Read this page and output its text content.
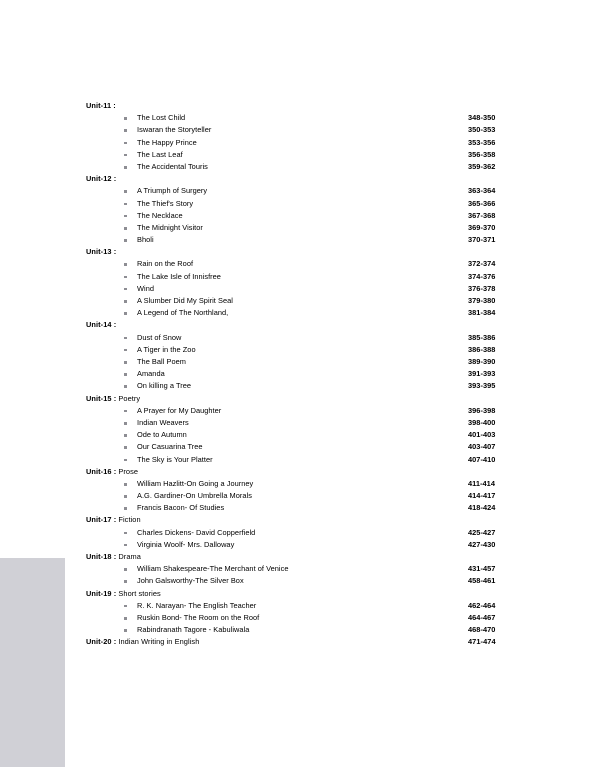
Unit-11 :
The Lost Child	348-350
Iswaran the Storyteller	350-353
The Happy Prince	353-356
The Last Leaf	356-358
The Accidental Touris	359-362
Unit-12 :
A Triumph of Surgery	363-364
The Thief's Story	365-366
The Necklace	367-368
The Midnight Visitor	369-370
Bholi	370-371
Unit-13 :
Rain on the Roof	372-374
The Lake Isle of Innisfree	374-376
Wind	376-378
A Slumber Did My Spirit Seal	379-380
A Legend of The Northland,	381-384
Unit-14 :
Dust of Snow	385-386
A Tiger in the Zoo	386-388
The Ball Poem	389-390
Amanda	391-393
On killing a Tree	393-395
Unit-15 : Poetry
A Prayer for My Daughter	396-398
Indian Weavers	398-400
Ode to Autumn	401-403
Our Casuarina Tree	403-407
The Sky is Your Platter	407-410
Unit-16 : Prose
William Hazlitt-On Going a Journey	411-414
A.G. Gardiner-On Umbrella Morals	414-417
Francis Bacon- Of Studies	418-424
Unit-17 : Fiction
Charles Dickens- David Copperfield	425-427
Virginia Woolf- Mrs. Dalloway	427-430
Unit-18 : Drama
William Shakespeare-The Merchant of Venice	431-457
John Galsworthy-The Silver Box	458-461
Unit-19 : Short stories
R. K. Narayan- The English Teacher	462-464
Ruskin Bond- The Room on the Roof	464-467
Rabindranath Tagore - Kabuliwala	468-470
Unit-20 : Indian Writing in English	471-474
